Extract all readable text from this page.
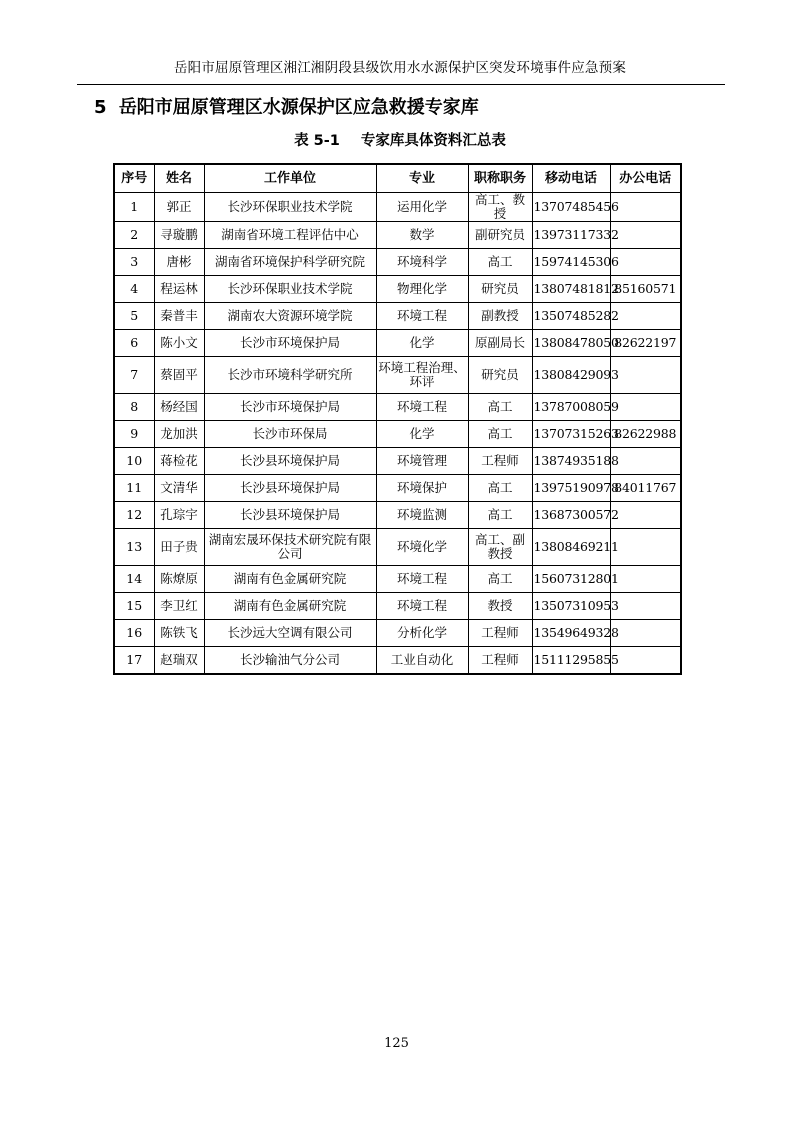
岳阳市屈原管理区湘江湘阴段县级饮用水水源保护区突发环境事件应急预案
5 岳阳市屈原管理区水源保护区应急救援专家库
表 5-1 专家库具体资料汇总表
序号	姓名	工作单位	专业	职称职务	移动电话	办公电话
1	郭正	长沙环保职业技术学院	运用化学	高工、教授	13707485456	
2	寻璇鹏	湖南省环境工程评估中心	数学	副研究员	13973117332	
3	唐彬	湖南省环境保护科学研究院	环境科学	高工	15974145306	
4	程运林	长沙环保职业技术学院	物理化学	研究员	13807481812	85160571
5	秦普丰	湖南农大资源环境学院	环境工程	副教授	13507485282	
6	陈小文	长沙市环境保护局	化学	原副局长	13808478050	82622197
7	蔡固平	长沙市环境科学研究所	环境工程治理、环评	研究员	13808429093	
8	杨经国	长沙市环境保护局	环境工程	高工	13787008059	
9	龙加洪	长沙市环保局	化学	高工	13707315263	82622988
10	蒋检花	长沙县环境保护局	环境管理	工程师	13874935188	
11	文清华	长沙县环境保护局	环境保护	高工	13975190978	84011767
12	孔琮宇	长沙县环境保护局	环境监测	高工	13687300572	
13	田子贵	湖南宏晟环保技术研究院有限公司	环境化学	高工、副教授	13808469211	
14	陈燎原	湖南有色金属研究院	环境工程	高工	15607312801	
15	李卫红	湖南有色金属研究院	环境工程	教授	13507310953	
16	陈铁飞	长沙远大空调有限公司	分析化学	工程师	13549649328	
17	赵瑞双	长沙输油气分公司	工业自动化	工程师	15111295855	
125
